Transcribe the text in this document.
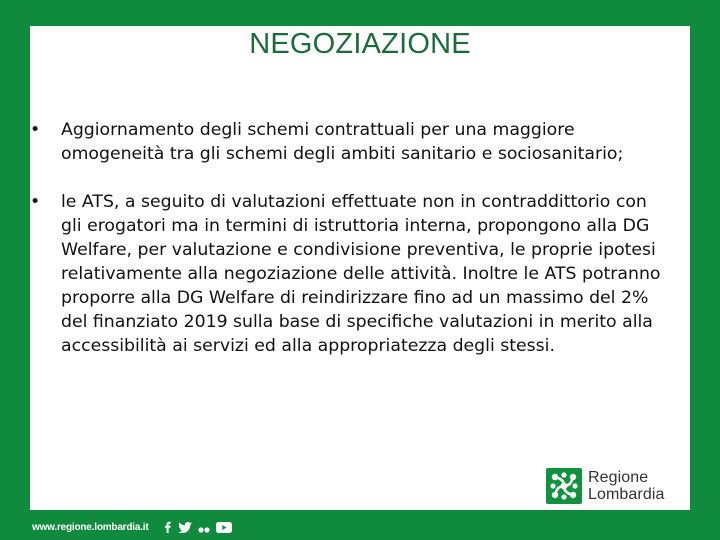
NEGOZIAZIONE
• Aggiornamento degli schemi contrattuali per una maggiore omogeneità tra gli schemi degli ambiti sanitario e sociosanitario;
• le ATS, a seguito di valutazioni effettuate non in contraddittorio con gli erogatori ma in termini di istruttoria interna, propongono alla DG Welfare, per valutazione e condivisione preventiva, le proprie ipotesi relativamente alla negoziazione delle attività. Inoltre le ATS potranno proporre alla DG Welfare di reindirizzare fino ad un massimo del 2% del finanziato 2019 sulla base di specifiche valutazioni in merito alla accessibilità ai servizi ed alla appropriatezza degli stessi.
Regione
Lombardia
www.regione.lombardia.it
